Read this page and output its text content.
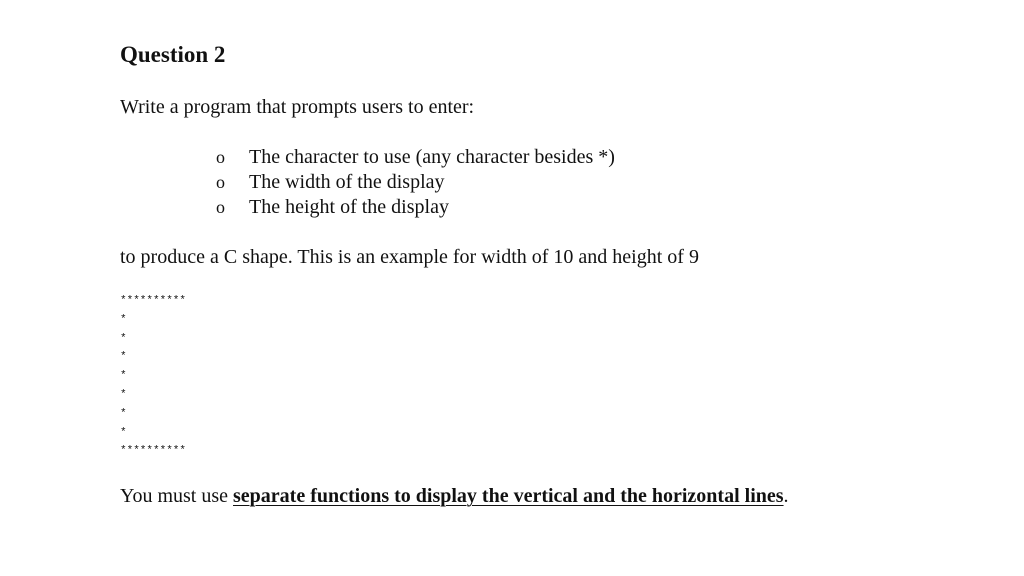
Question 2
Write a program that prompts users to enter:
o The character to use (any character besides *)
o The width of the display
o The height of the display
to produce a C shape. This is an example for width of 10 and height of 9
**********
*
*
*
*
*
*
*
**********
You must use separate functions to display the vertical and the horizontal lines.
